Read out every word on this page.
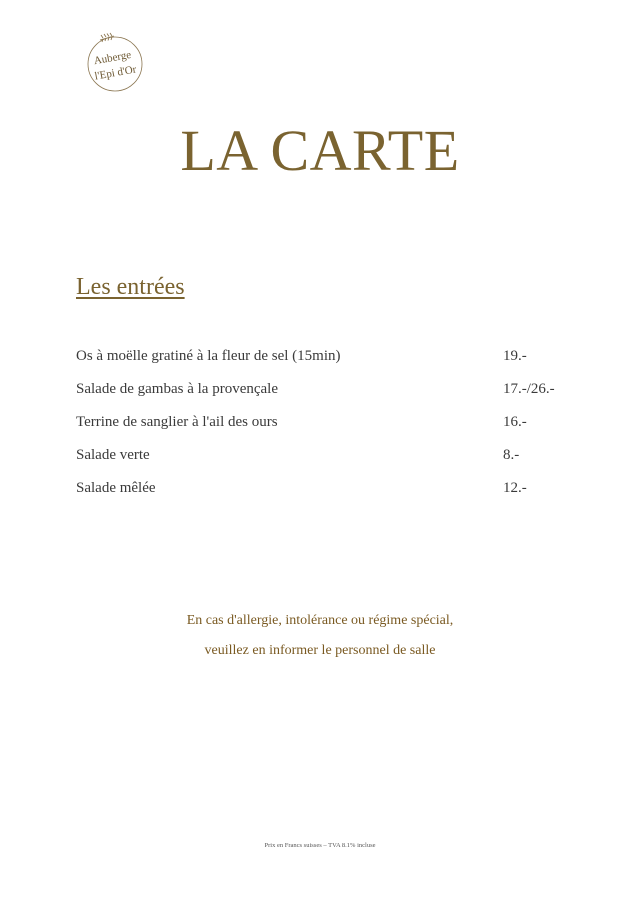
Auberge
l'Epi d'Or
LA CARTE
Les entrées
Os à moëlle gratiné à la fleur de sel (15min)	19.-
Salade de gambas à la provençale	17.-/26.-
Terrine de sanglier à l'ail des ours	16.-
Salade verte	8.-
Salade mêlée	12.-
En cas d'allergie, intolérance ou régime spécial,
veuillez en informer le personnel de salle
Prix en Francs suisses – TVA 8.1% incluse
